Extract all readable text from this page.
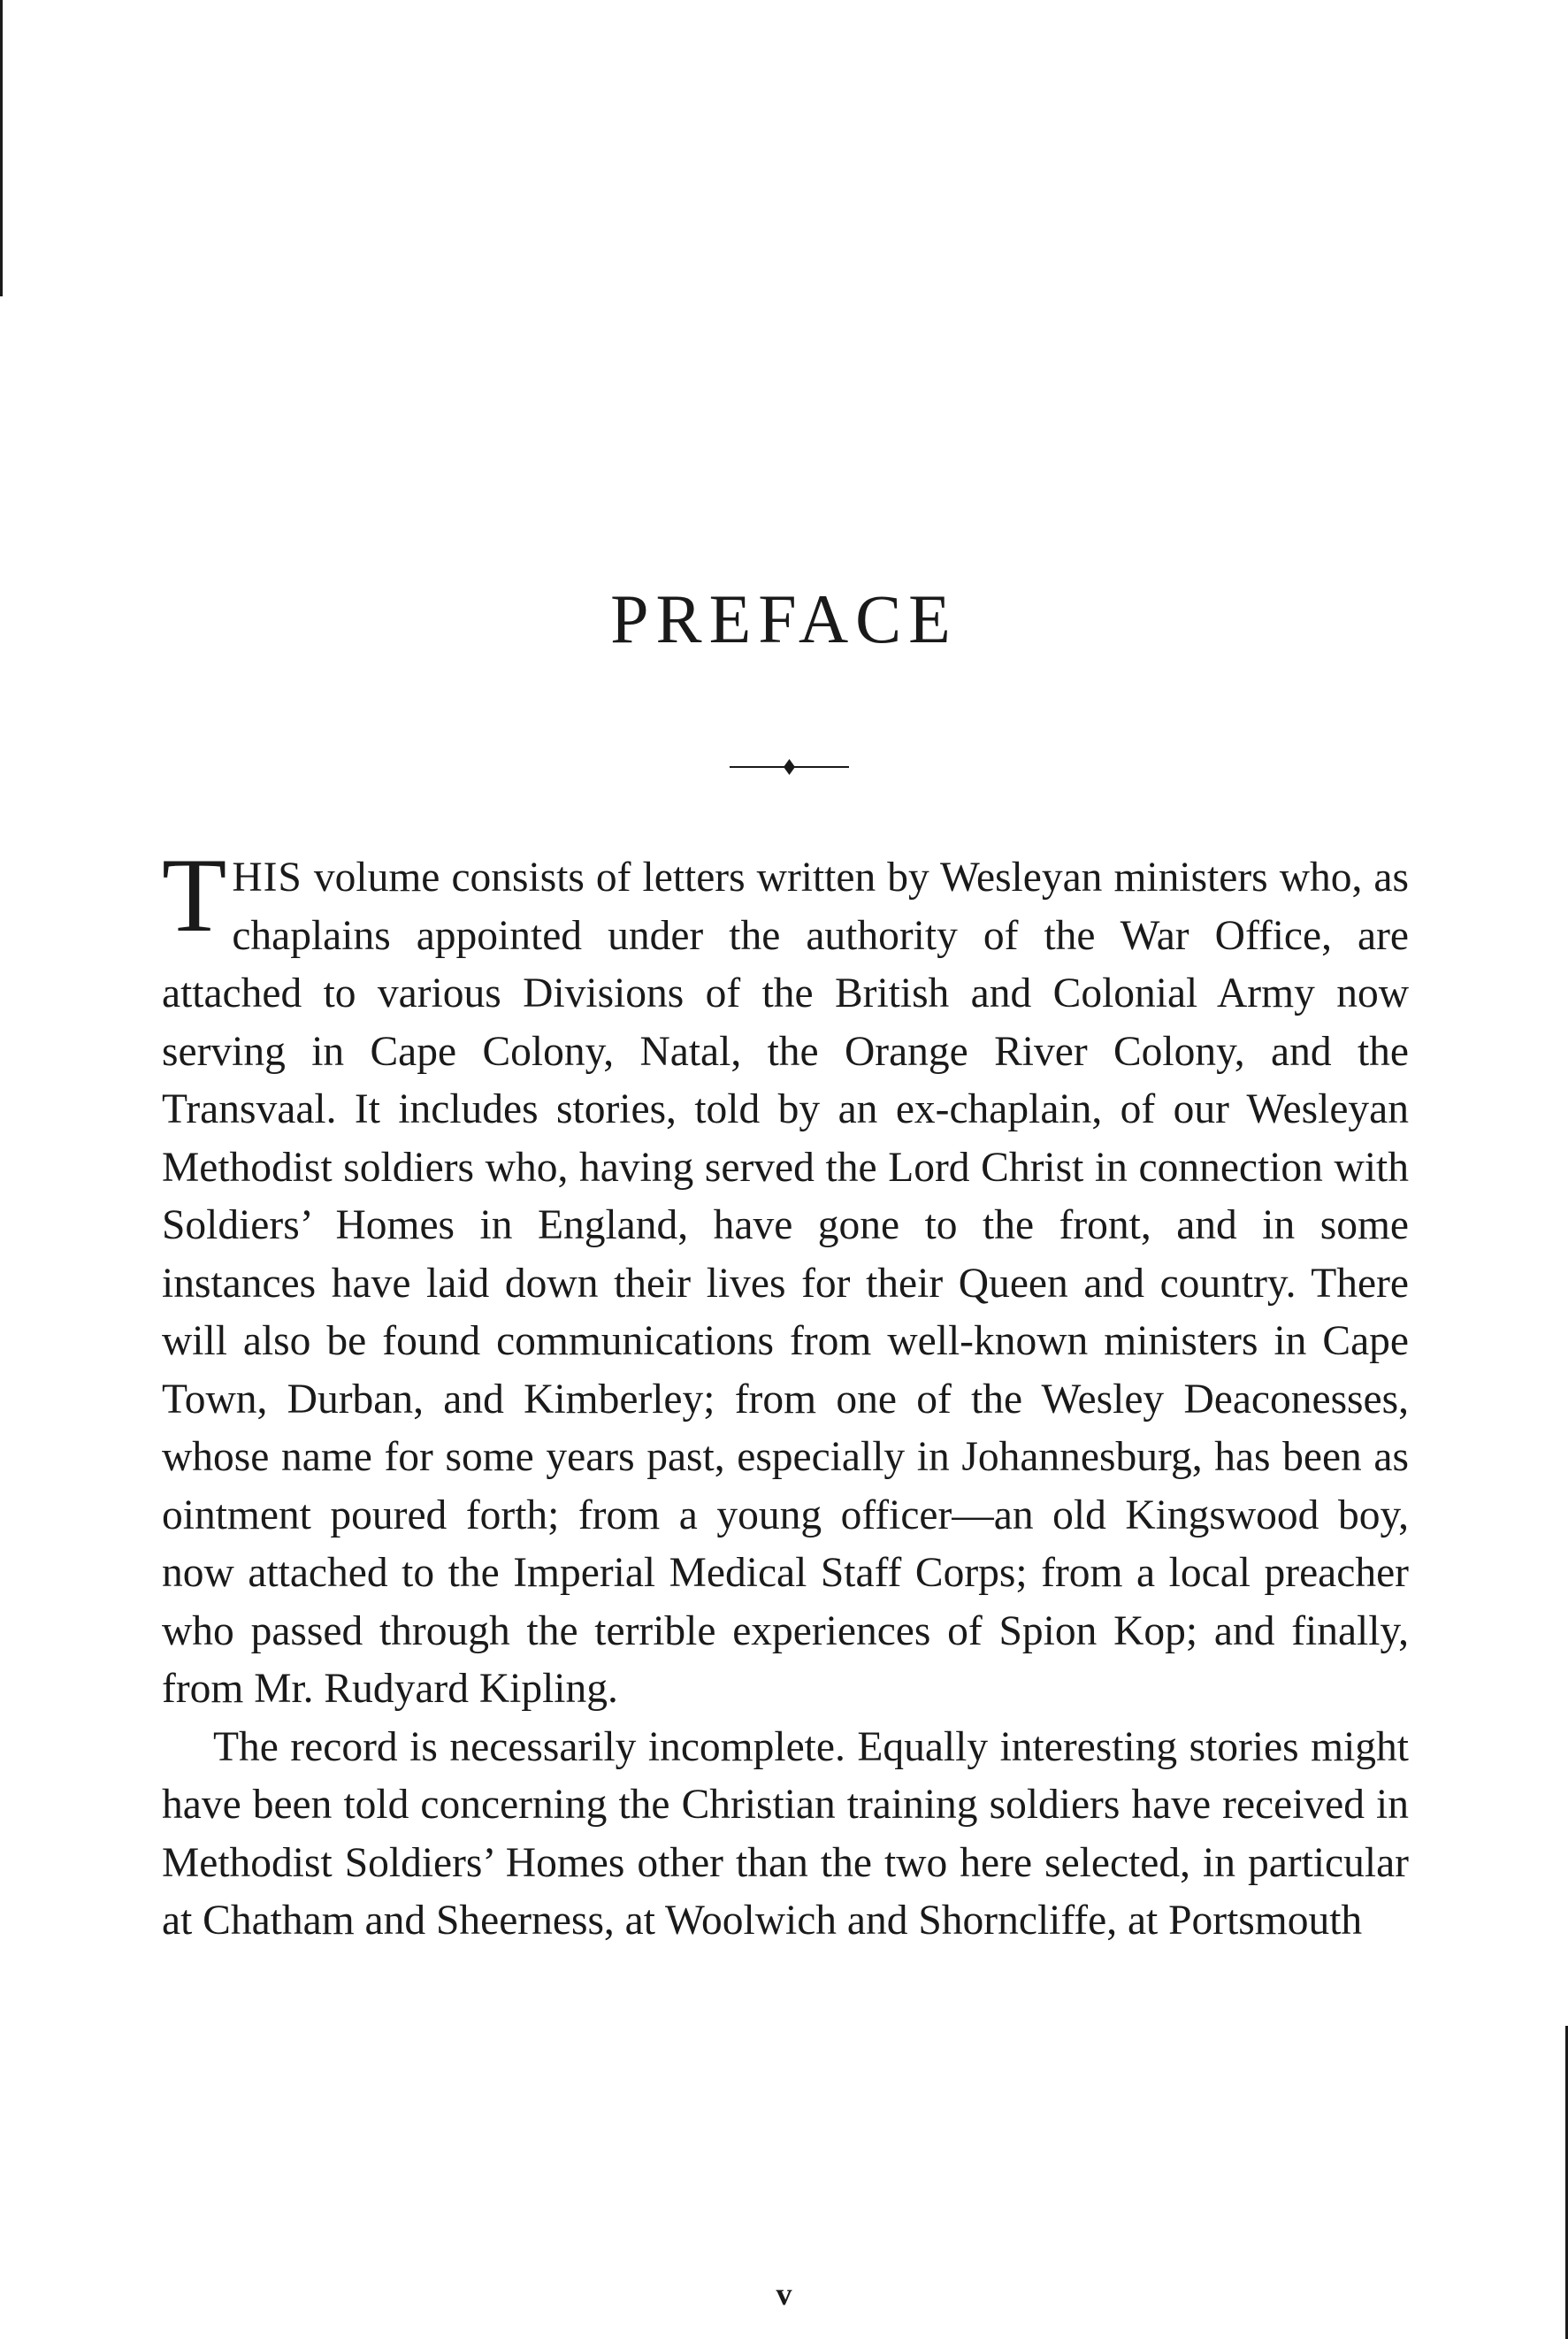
PREFACE

THIS volume consists of letters written by Wesleyan ministers who, as chaplains appointed under the authority of the War Office, are attached to various Divisions of the British and Colonial Army now serving in Cape Colony, Natal, the Orange River Colony, and the Transvaal. It includes stories, told by an ex-chaplain, of our Wesleyan Methodist soldiers who, having served the Lord Christ in connection with Soldiers’ Homes in England, have gone to the front, and in some instances have laid down their lives for their Queen and country. There will also be found communications from well-known ministers in Cape Town, Durban, and Kimberley; from one of the Wesley Deaconesses, whose name for some years past, especially in Johannesburg, has been as ointment poured forth; from a young officer—an old Kingswood boy, now attached to the Imperial Medical Staff Corps; from a local preacher who passed through the terrible experiences of Spion Kop; and finally, from Mr. Rudyard Kipling.

The record is necessarily incomplete. Equally interesting stories might have been told concerning the Christian training soldiers have received in Methodist Soldiers’ Homes other than the two here selected, in particular at Chatham and Sheerness, at Woolwich and Shorncliffe, at Portsmouth

v
